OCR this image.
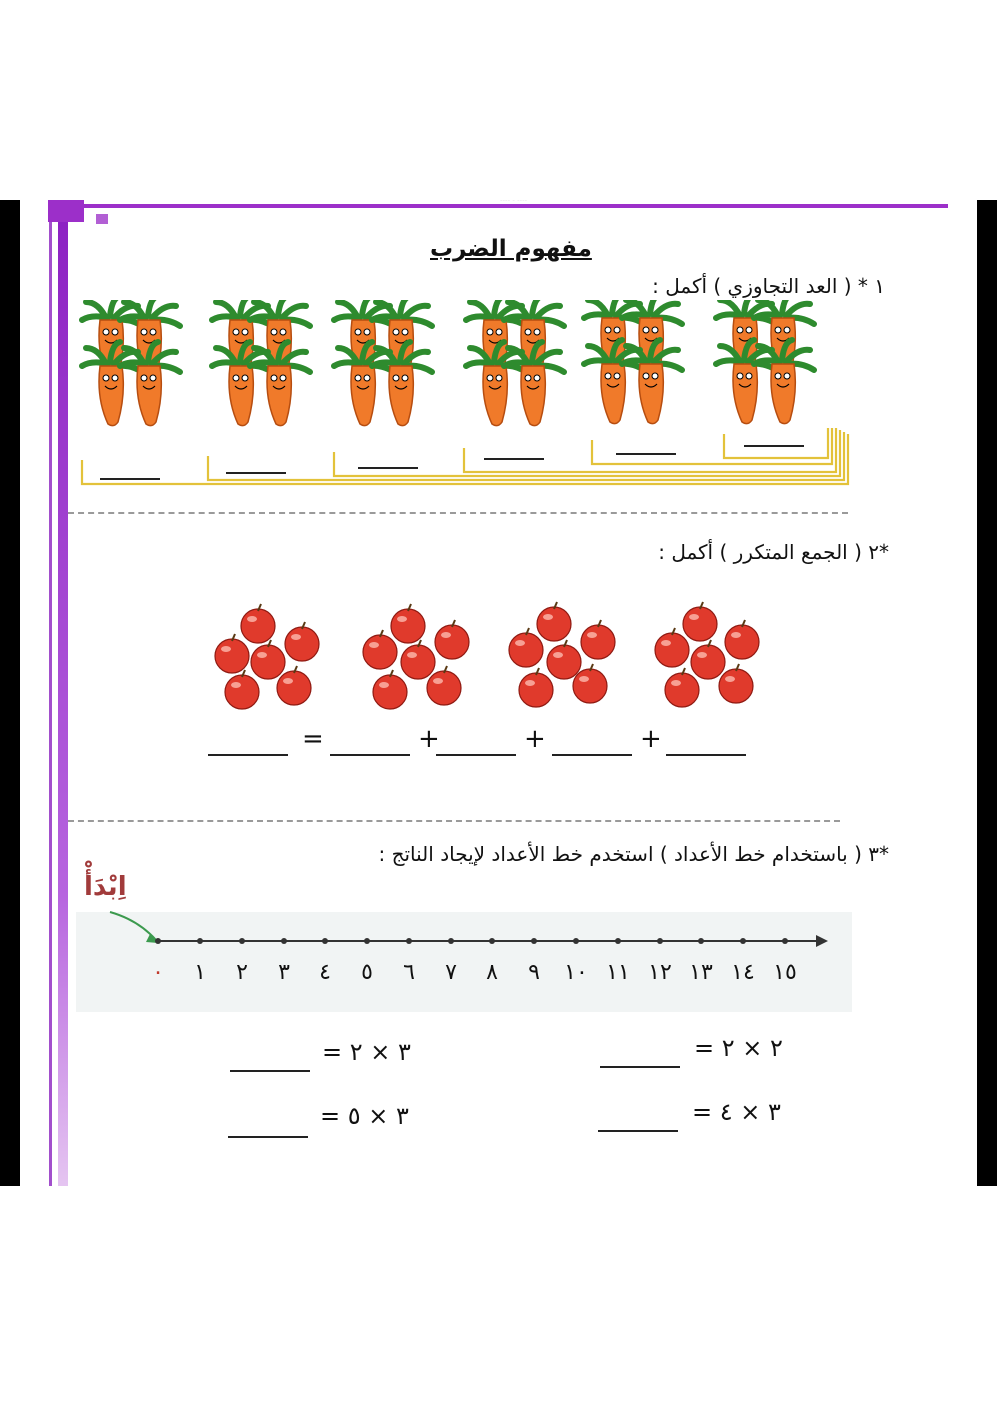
---- - ----
مفهوم الضرب
١ * ( العد التجاوزي ) أكمل :
*٢ ( الجمع المتكرر ) أكمل :
=	+	+	+
*٣ ( باستخدام خط الأعداد ) استخدم خط الأعداد لإيجاد الناتج :
اِبْدَأْ
٠	١	٢	٣	٤	٥	٦	٧	٨	٩	١٠ ١١ ١٢ ١٣ ١٤ ١٥
٢ × ٢ =
٣ × ٢ =
٣ × ٤ =
٣ × ٥ =
